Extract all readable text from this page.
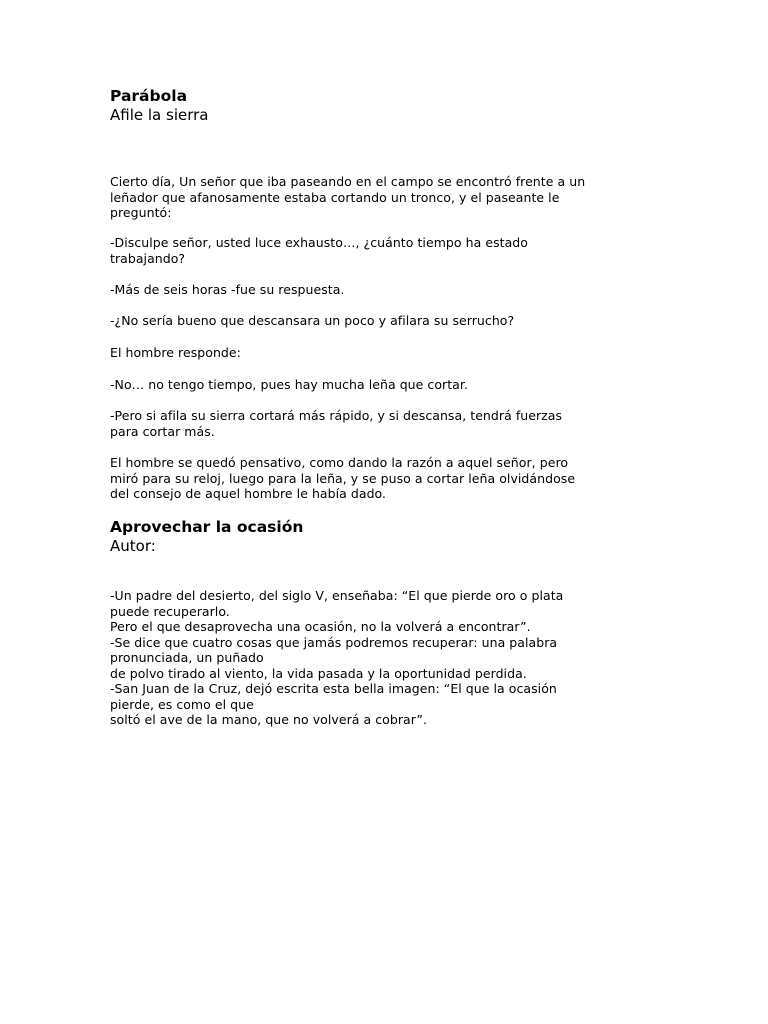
Parábola
Afile la sierra

Cierto día, Un señor que iba paseando en el campo se encontró frente a un
leñador que afanosamente estaba cortando un tronco, y el paseante le
preguntó:

-Disculpe señor, usted luce exhausto…, ¿cuánto tiempo ha estado
trabajando?

-Más de seis horas -fue su respuesta.

-¿No sería bueno que descansara un poco y afilara su serrucho?

El hombre responde:

-No… no tengo tiempo, pues hay mucha leña que cortar.

-Pero si afila su sierra cortará más rápido, y si descansa, tendrá fuerzas
para cortar más.

El hombre se quedó pensativo, como dando la razón a aquel señor, pero
miró para su reloj, luego para la leña, y se puso a cortar leña olvidándose
del consejo de aquel hombre le había dado.

Aprovechar la ocasión
Autor:

-Un padre del desierto, del siglo V, enseñaba: “El que pierde oro o plata
puede recuperarlo.
Pero el que desaprovecha una ocasión, no la volverá a encontrar”.
-Se dice que cuatro cosas que jamás podremos recuperar: una palabra
pronunciada, un puñado
de polvo tirado al viento, la vida pasada y la oportunidad perdida.
-San Juan de la Cruz, dejó escrita esta bella imagen: “El que la ocasión
pierde, es como el que
soltó el ave de la mano, que no volverá a cobrar”.
